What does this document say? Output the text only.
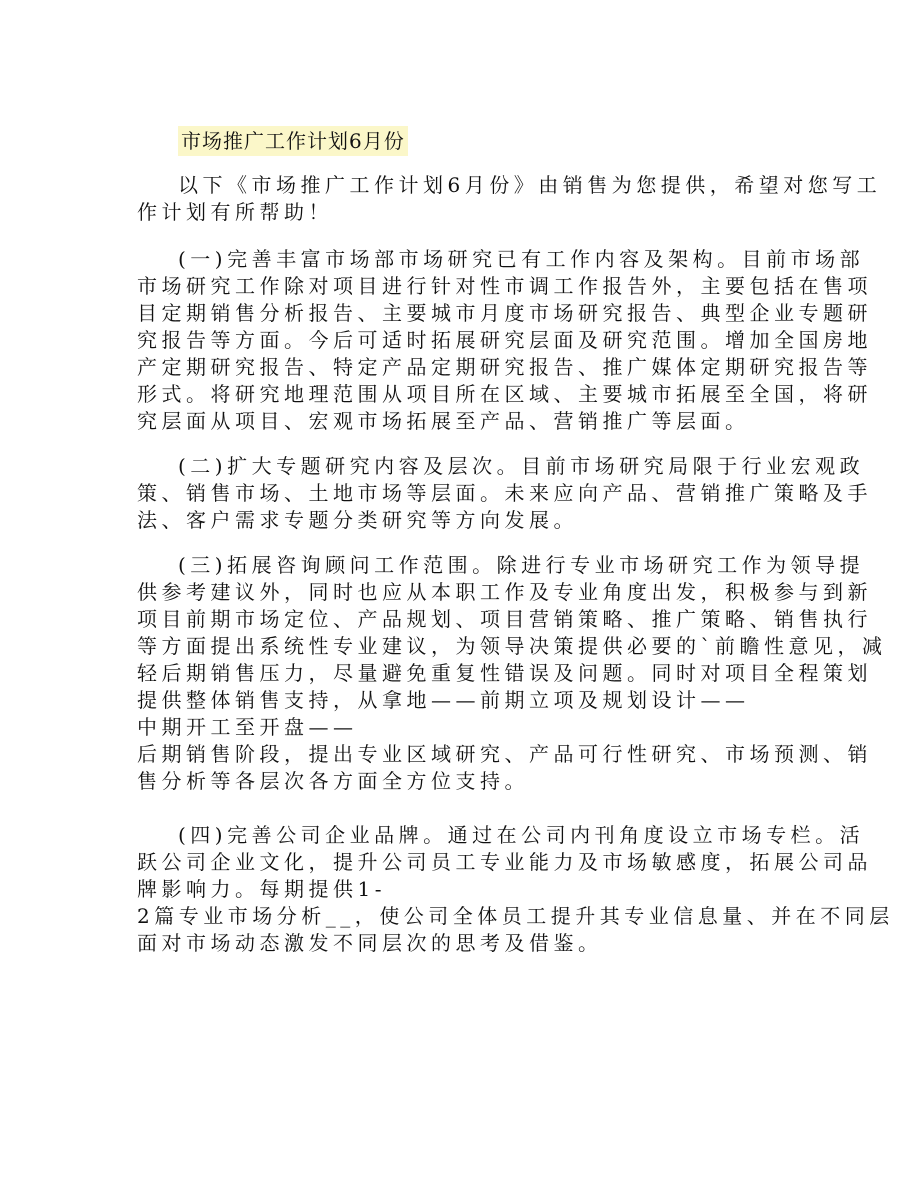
市场推广工作计划6月份
以下《市场推广工作计划6月份》由销售为您提供，希望对您写工
作计划有所帮助！
(一)完善丰富市场部市场研究已有工作内容及架构。目前市场部
市场研究工作除对项目进行针对性市调工作报告外，主要包括在售项
目定期销售分析报告、主要城市月度市场研究报告、典型企业专题研
究报告等方面。今后可适时拓展研究层面及研究范围。增加全国房地
产定期研究报告、特定产品定期研究报告、推广媒体定期研究报告等
形式。将研究地理范围从项目所在区域、主要城市拓展至全国，将研
究层面从项目、宏观市场拓展至产品、营销推广等层面。
(二)扩大专题研究内容及层次。目前市场研究局限于行业宏观政
策、销售市场、土地市场等层面。未来应向产品、营销推广策略及手
法、客户需求专题分类研究等方向发展。
(三)拓展咨询顾问工作范围。除进行专业市场研究工作为领导提
供参考建议外，同时也应从本职工作及专业角度出发，积极参与到新
项目前期市场定位、产品规划、项目营销策略、推广策略、销售执行
等方面提出系统性专业建议，为领导决策提供必要的`前瞻性意见，减
轻后期销售压力，尽量避免重复性错误及问题。同时对项目全程策划
提供整体销售支持，从拿地——前期立项及规划设计——
中期开工至开盘——
后期销售阶段，提出专业区域研究、产品可行性研究、市场预测、销
售分析等各层次各方面全方位支持。
(四)完善公司企业品牌。通过在公司内刊角度设立市场专栏。活
跃公司企业文化，提升公司员工专业能力及市场敏感度，拓展公司品
牌影响力。每期提供1-
2篇专业市场分析__，使公司全体员工提升其专业信息量、并在不同层
面对市场动态激发不同层次的思考及借鉴。
